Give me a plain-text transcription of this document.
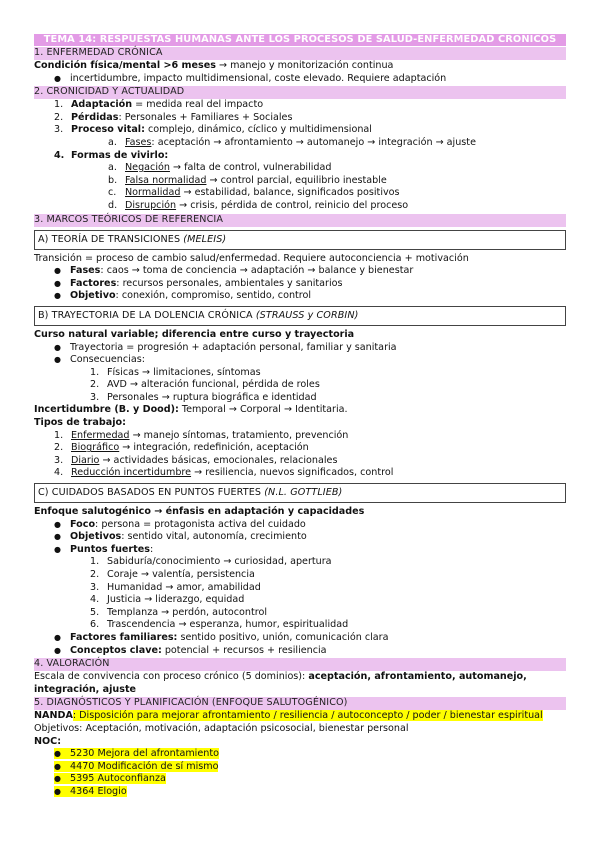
TEMA 14: RESPUESTAS HUMANAS ANTE LOS PROCESOS DE SALUD-ENFERMEDAD CRÓNICOS
1. ENFERMEDAD CRÓNICA
Condición física/mental >6 meses → manejo y monitorización continua
● incertidumbre, impacto multidimensional, coste elevado. Requiere adaptación
2. CRONICIDAD Y ACTUALIDAD
1. Adaptación = medida real del impacto
2. Pérdidas: Personales + Familiares + Sociales
3. Proceso vital: complejo, dinámico, cíclico y multidimensional
a. Fases: aceptación → afrontamiento → automanejo → integración → ajuste
4. Formas de vivirlo:
a. Negación → falta de control, vulnerabilidad
b. Falsa normalidad → control parcial, equilibrio inestable
c. Normalidad → estabilidad, balance, significados positivos
d. Disrupción → crisis, pérdida de control, reinicio del proceso
3. MARCOS TEÓRICOS DE REFERENCIA
A) TEORÍA DE TRANSICIONES (MELEIS)
Transición = proceso de cambio salud/enfermedad. Requiere autoconciencia + motivación
● Fases: caos → toma de conciencia → adaptación → balance y bienestar
● Factores: recursos personales, ambientales y sanitarios
● Objetivo: conexión, compromiso, sentido, control
B) TRAYECTORIA DE LA DOLENCIA CRÓNICA (STRAUSS y CORBIN)
Curso natural variable; diferencia entre curso y trayectoria
● Trayectoria = progresión + adaptación personal, familiar y sanitaria
● Consecuencias:
1. Físicas → limitaciones, síntomas
2. AVD → alteración funcional, pérdida de roles
3. Personales → ruptura biográfica e identidad
Incertidumbre (B. y Dood): Temporal → Corporal → Identitaria.
Tipos de trabajo:
1. Enfermedad → manejo síntomas, tratamiento, prevención
2. Biográfico → integración, redefinición, aceptación
3. Diario → actividades básicas, emocionales, relacionales
4. Reducción incertidumbre → resiliencia, nuevos significados, control
C) CUIDADOS BASADOS EN PUNTOS FUERTES (N.L. GOTTLIEB)
Enfoque salutogénico → énfasis en adaptación y capacidades
● Foco: persona = protagonista activa del cuidado
● Objetivos: sentido vital, autonomía, crecimiento
● Puntos fuertes:
1. Sabiduría/conocimiento → curiosidad, apertura
2. Coraje → valentía, persistencia
3. Humanidad → amor, amabilidad
4. Justicia → liderazgo, equidad
5. Templanza → perdón, autocontrol
6. Trascendencia → esperanza, humor, espiritualidad
● Factores familiares: sentido positivo, unión, comunicación clara
● Conceptos clave: potencial + recursos + resiliencia
4. VALORACIÓN
Escala de convivencia con proceso crónico (5 dominios): aceptación, afrontamiento, automanejo,
integración, ajuste
5. DIAGNÓSTICOS Y PLANIFICACIÓN (ENFOQUE SALUTOGÉNICO)
NANDA: Disposición para mejorar afrontamiento / resiliencia / autoconcepto / poder / bienestar espiritual
Objetivos: Aceptación, motivación, adaptación psicosocial, bienestar personal
NOC:
● 5230 Mejora del afrontamiento
● 4470 Modificación de sí mismo
● 5395 Autoconfianza
● 4364 Elogio
